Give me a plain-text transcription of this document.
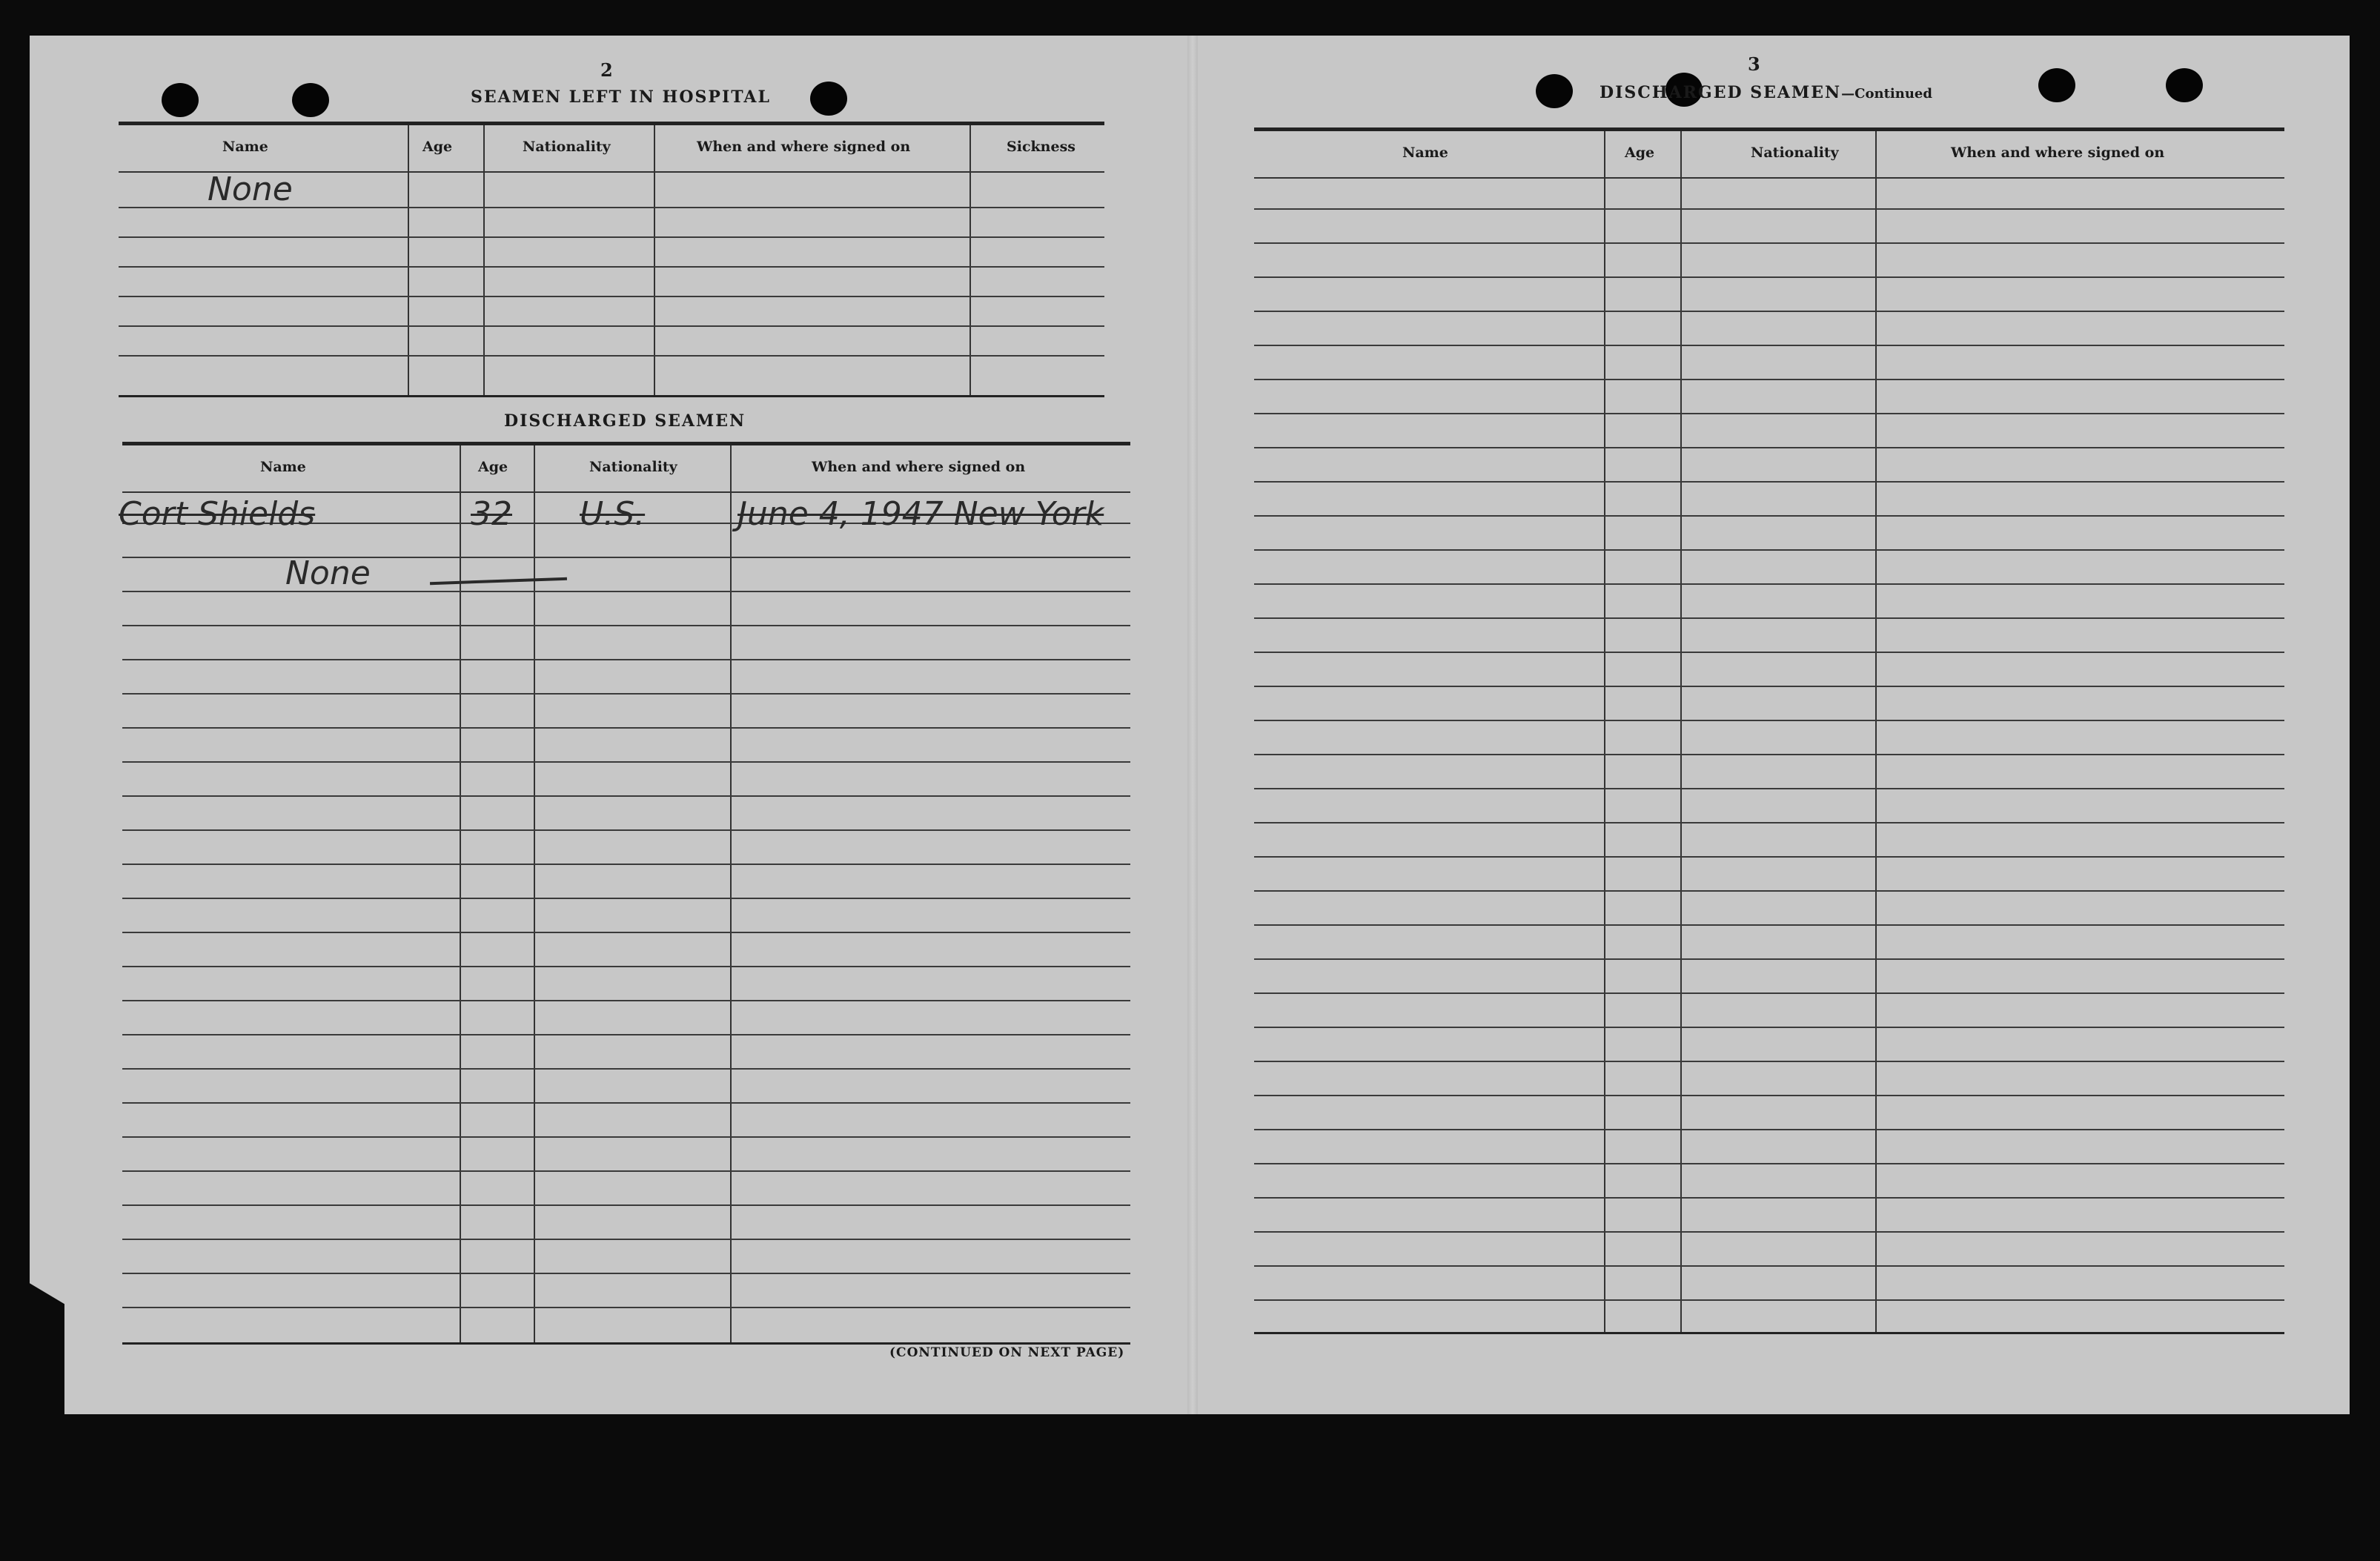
2
SEAMEN LEFT IN HOSPITAL
Name	Age	Nationality	When and where signed on	Sickness
None
DISCHARGED SEAMEN
Name	Age	Nationality	When and where signed on
Cort Shields	32 U.S.	June 4, 1947 New York
None
(CONTINUED ON NEXT PAGE)
3
DISCHARGED SEAMEN—Continued
Name	Age	Nationality	When and where signed on
